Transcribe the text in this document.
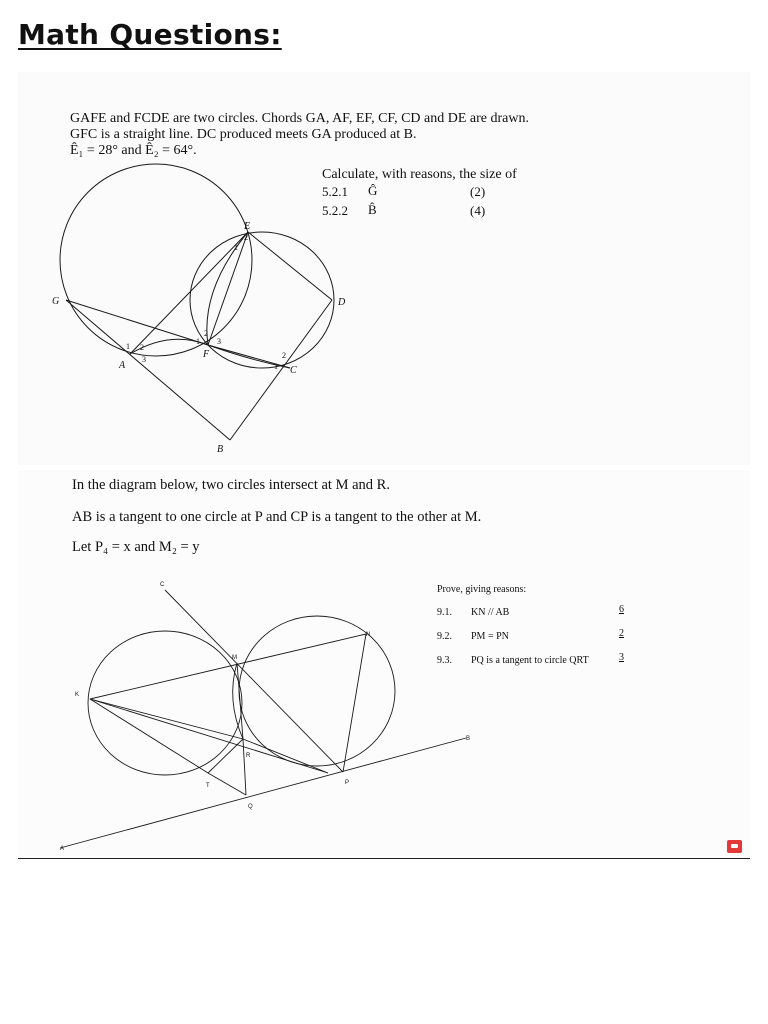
Math Questions:
GAFE and FCDE are two circles. Chords GA, AF, EF, CF, CD and DE are drawn.
GFC is a straight line. DC produced meets GA produced at B.
Ê₁ = 28° and Ê₂ = 64°.
Calculate, with reasons, the size of
5.2.1 Ĝ	(2)
5.2.2 B̂	(4)
E
G	D
A
F
C
B
1
2
1 2
3
1
2
3
1
2
In the diagram below, two circles intersect at M and R.
AB is a tangent to one circle at P and CP is a tangent to the other at M.
Let P₄ = x and M₂ = y
Prove, giving reasons:
9.1. KN // AB	6
9.2. PM = PN	2
9.3. PQ is a tangent to circle QRT	3
C
N
M
K
R
T
Q
P
A
B
